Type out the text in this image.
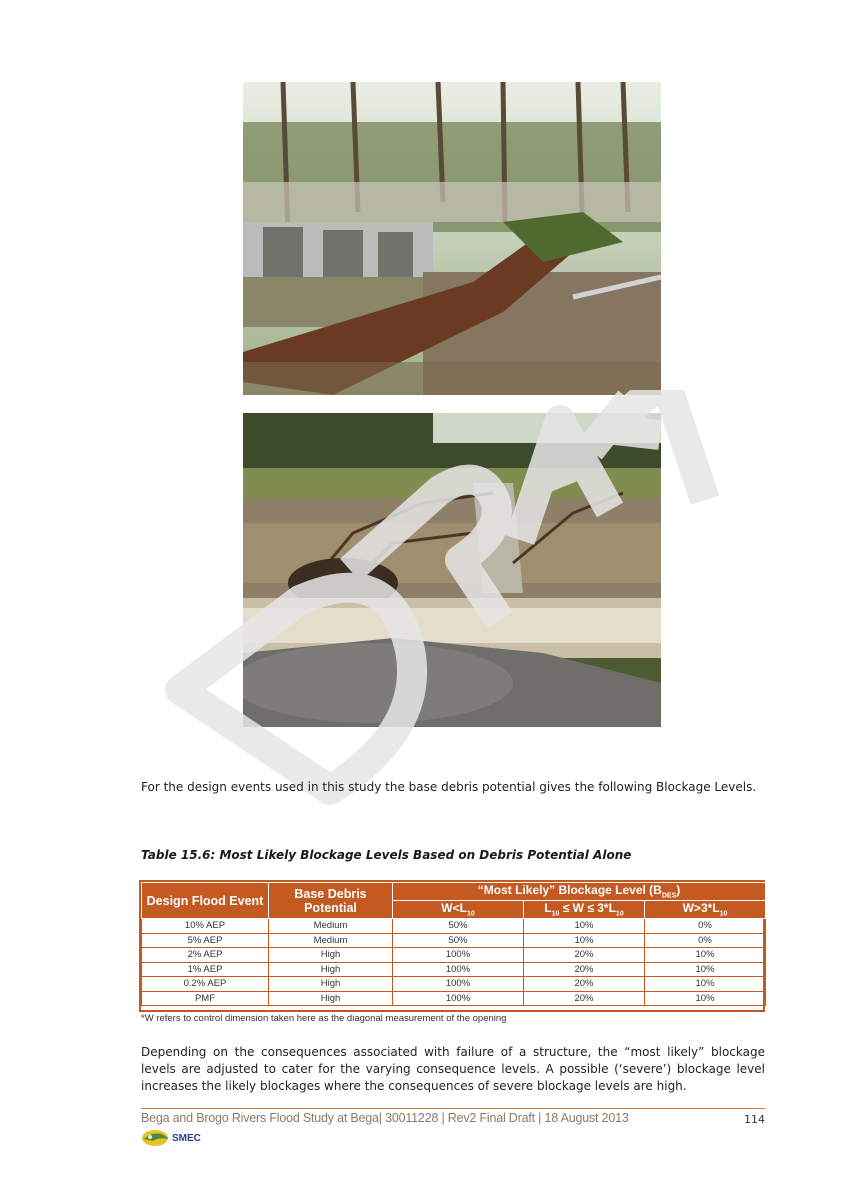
For the design events used in this study the base debris potential gives the following Blockage Levels.

Table 15.6: Most Likely Blockage Levels Based on Debris Potential Alone
Design Flood Event	Base Debris Potential	“Most Likely” Blockage Level $(B_{DES})$		
		$W<L_{10}$	$L_{10} \le W \le 3*L_{10}$	$W>3*L_{10}$
10% AEP	Medium	50%	10%	0%
5% AEP	Medium	50%	10%	0%
2% AEP	High	100%	20%	10%
1% AEP	High	100%	20%	10%
0.2% AEP	High	100%	20%	10%
PMF	High	100%	20%	10%
*W refers to control dimension taken here as the diagonal measurement of the opening

Depending on the consequences associated with failure of a structure, the “most likely” blockage levels are adjusted to cater for the varying consequence levels. A possible (‘severe’) blockage level increases the likely blockages where the consequences of severe blockage levels are high.

Bega and Brogo Rivers Flood Study at Bega| 30011228 | Rev2 Final Draft | 18 August 2013	114
SMEC
